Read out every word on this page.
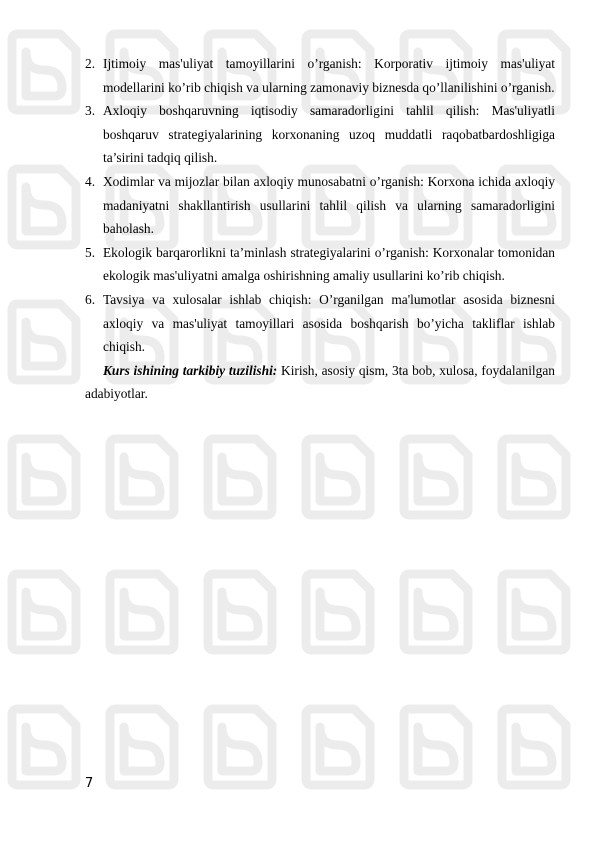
2. Ijtimoiy mas'uliyat tamoyillarini o’rganish: Korporativ ijtimoiy mas'uliyat modellarini ko’rib chiqish va ularning zamonaviy biznesda qo’llanilishini o’rganish.
3. Axloqiy boshqaruvning iqtisodiy samaradorligini tahlil qilish: Mas'uliyatli boshqaruv strategiyalarining korxonaning uzoq muddatli raqobatbardoshligiga ta’sirini tadqiq qilish.
4. Xodimlar va mijozlar bilan axloqiy munosabatni o’rganish: Korxona ichida axloqiy madaniyatni shakllantirish usullarini tahlil qilish va ularning samaradorligini baholash.
5. Ekologik barqarorlikni ta’minlash strategiyalarini o’rganish: Korxonalar tomonidan ekologik mas'uliyatni amalga oshirishning amaliy usullarini ko’rib chiqish.
6. Tavsiya va xulosalar ishlab chiqish: O’rganilgan ma'lumotlar asosida biznesni axloqiy va mas'uliyat tamoyillari asosida boshqarish bo’yicha takliflar ishlab chiqish.

Kurs ishining tarkibiy tuzilishi: Kirish, asosiy qism, 3ta bob, xulosa, foydalanilgan adabiyotlar.

7
